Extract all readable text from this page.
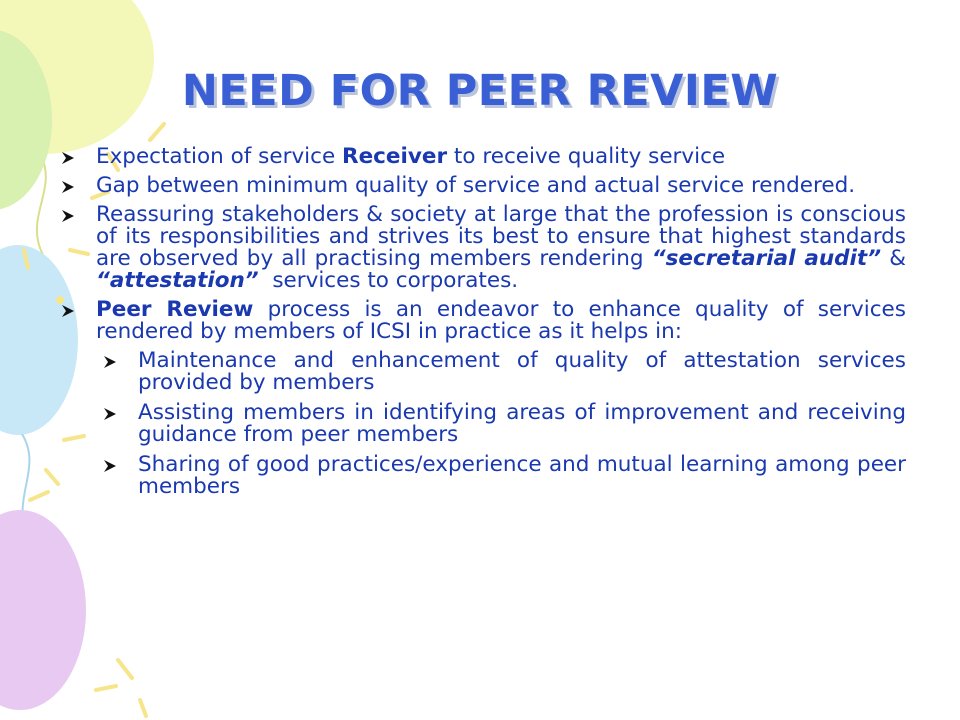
NEED FOR PEER REVIEW
Expectation of service Receiver to receive quality service
Gap between minimum quality of service and actual service rendered.
Reassuring stakeholders & society at large that the profession is conscious of its responsibilities and strives its best to ensure that highest standards are observed by all practising members rendering “secretarial audit” & “attestation”  services to corporates.
Peer Review process is an endeavor to enhance quality of services rendered by members of ICSI in practice as it helps in:
Maintenance and enhancement of quality of attestation services provided by members
Assisting members in identifying areas of improvement and receiving guidance from peer members
Sharing of good practices/experience and mutual learning among peer members
